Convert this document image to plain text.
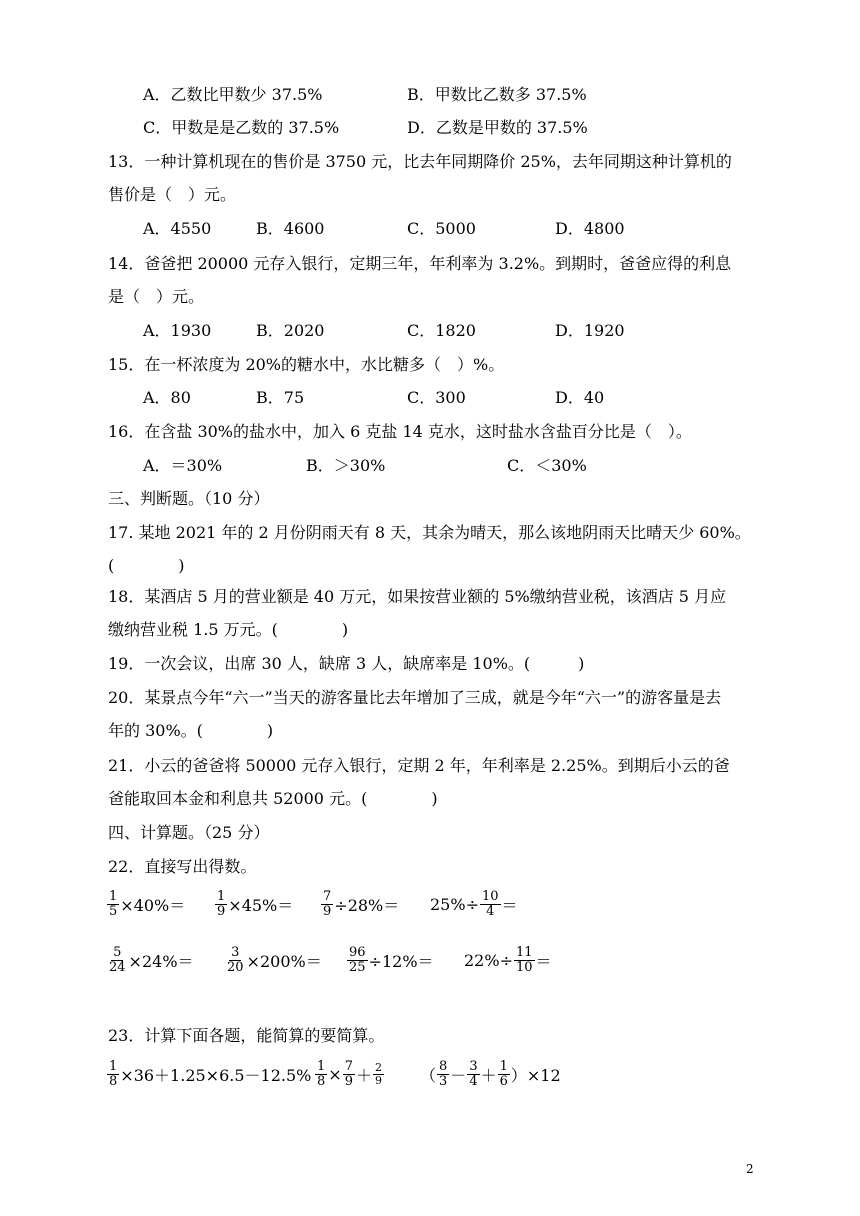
A．乙数比甲数少 37.5%	B．甲数比乙数多 37.5%
C．甲数是是乙数的 37.5%	D．乙数是甲数的 37.5%
13．一种计算机现在的售价是 3750 元，比去年同期降价 25%，去年同期这种计算机的
售价是（　）元。
A．4550	B．4600	C．5000	D．4800
14．爸爸把 20000 元存入银行，定期三年，年利率为 3.2%。到期时，爸爸应得的利息
是（　）元。
A．1930	B．2020	C．1820	D．1920
15．在一杯浓度为 20%的糖水中，水比糖多（　）%。
A．80	B．75	C．300	D．40
16．在含盐 30%的盐水中，加入 6 克盐 14 克水，这时盐水含盐百分比是（　）。
A．＝30%	B．＞30%	C．＜30%
三、判断题。（10 分）
17. 某地 2021 年的 2 月份阴雨天有 8 天，其余为晴天，那么该地阴雨天比晴天少 60%。
(　　　　)
18．某酒店 5 月的营业额是 40 万元，如果按营业额的 5%缴纳营业税，该酒店 5 月应
缴纳营业税 1.5 万元。(　　　　)
19．一次会议，出席 30 人，缺席 3 人，缺席率是 10%。(　　　)
20．某景点今年“六一”当天的游客量比去年增加了三成，就是今年“六一”的游客量是去
年的 30%。(　　　　)
21．小云的爸爸将 50000 元存入银行，定期 2 年，年利率是 2.25%。到期后小云的爸
爸能取回本金和利息共 52000 元。(　　　　)
四、计算题。（25 分）
22．直接写出得数。
$\frac{1}{5} \times 40\%= \frac{1}{9} \times 45\%= \frac{7}{9} \div 28\%= 25\%\div \frac{10}{4}$ ＝
$\frac{5}{24} \times 24\%= \frac{3}{20} \times 200\%= \frac{96}{25} \div 12\%= 22\%\div \frac{11}{10}$ ＝
23．计算下面各题，能简算的要简算。
$\frac{1}{8} \times 36+1.25\times 6.5-12.5\% \frac{1}{8} \times \frac{7}{9} + \frac{2}{9}$ （ $\frac{8}{3} - \frac{3}{4} + \frac{1}{6} )\times 12$
2
